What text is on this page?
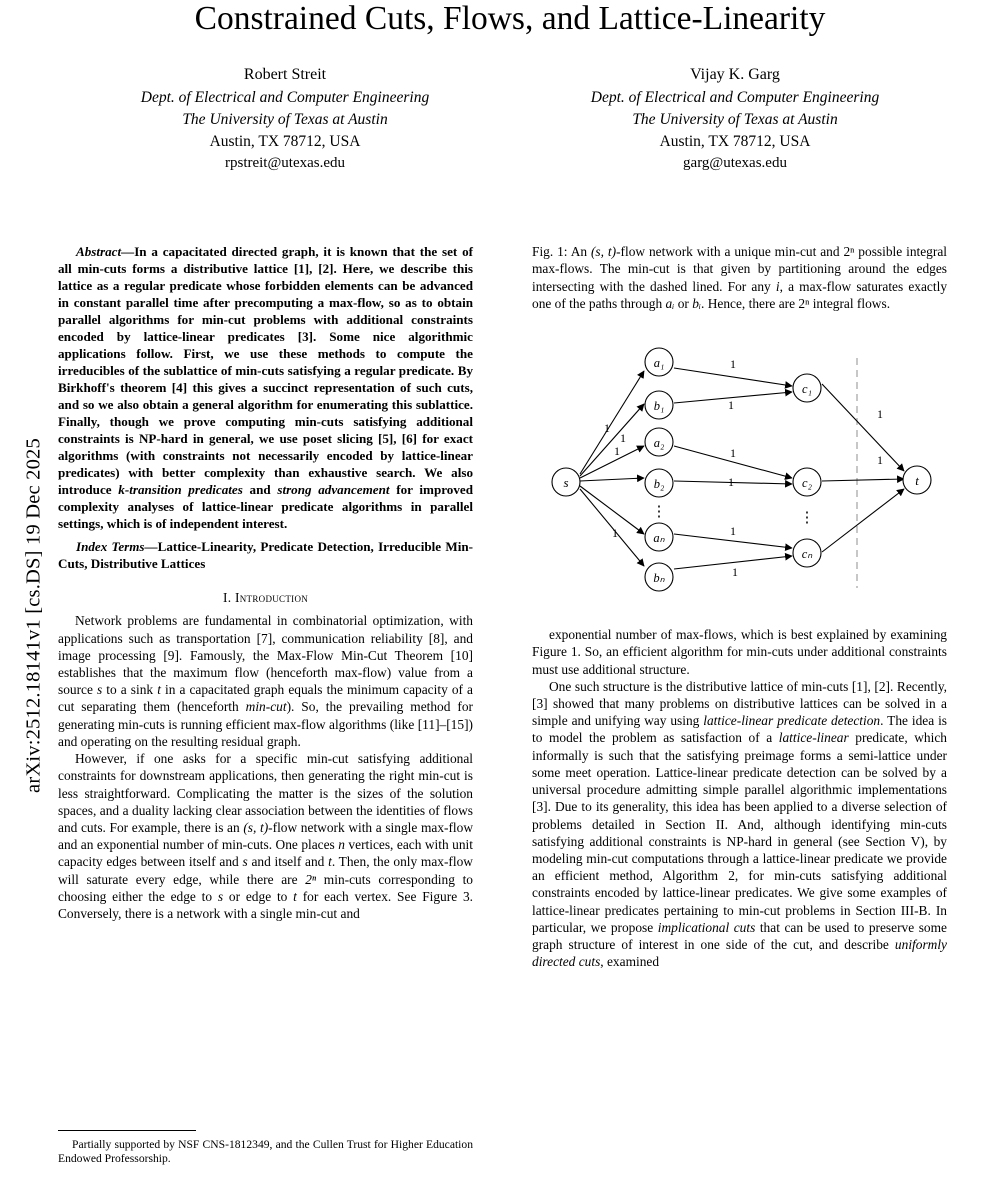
arXiv:2512.18141v1 [cs.DS] 19 Dec 2025
Constrained Cuts, Flows, and Lattice-Linearity
Robert Streit
Dept. of Electrical and Computer Engineering
The University of Texas at Austin
Austin, TX 78712, USA
rpstreit@utexas.edu
Vijay K. Garg
Dept. of Electrical and Computer Engineering
The University of Texas at Austin
Austin, TX 78712, USA
garg@utexas.edu
Abstract—In a capacitated directed graph, it is known that the set of all min-cuts forms a distributive lattice [1], [2]. Here, we describe this lattice as a regular predicate whose forbidden elements can be advanced in constant parallel time after precomputing a max-flow, so as to obtain parallel algorithms for min-cut problems with additional constraints encoded by lattice-linear predicates [3]. Some nice algorithmic applications follow. First, we use these methods to compute the irreducibles of the sublattice of min-cuts satisfying a regular predicate. By Birkhoff's theorem [4] this gives a succinct representation of such cuts, and so we also obtain a general algorithm for enumerating this sublattice. Finally, though we prove computing min-cuts satisfying additional constraints is NP-hard in general, we use poset slicing [5], [6] for exact algorithms (with constraints not necessarily encoded by lattice-linear predicates) with better complexity than exhaustive search. We also introduce k-transition predicates and strong advancement for improved complexity analyses of lattice-linear predicate algorithms in parallel settings, which is of independent interest.
Index Terms—Lattice-Linearity, Predicate Detection, Irreducible Min-Cuts, Distributive Lattices
I. Introduction

Network problems are fundamental in combinatorial optimization, with applications such as transportation [7], communication reliability [8], and image processing [9]. Famously, the Max-Flow Min-Cut Theorem [10] establishes that the maximum flow (henceforth max-flow) value from a source s to a sink t in a capacitated graph equals the minimum capacity of a cut separating them (henceforth min-cut). So, the prevailing method for generating min-cuts is running efficient max-flow algorithms (like [11]–[15]) and operating on the resulting residual graph.

However, if one asks for a specific min-cut satisfying additional constraints for downstream applications, then generating the right min-cut is less straightforward. Complicating the matter is the sizes of the solution spaces, and a duality lacking clear association between the identities of flows and cuts. For example, there is an (s, t)-flow network with a single max-flow and an exponential number of min-cuts. One places n vertices, each with unit capacity edges between itself and s and itself and t. Then, the only max-flow will saturate every edge, while there are 2ⁿ min-cuts corresponding to choosing either the edge to s or edge to t for each vertex. See Figure 3. Conversely, there is a network with a single min-cut and

Partially supported by NSF CNS-1812349, and the Cullen Trust for Higher Education Endowed Professorship.
Fig. 1: An (s, t)-flow network with a unique min-cut and 2ⁿ possible integral max-flows. The min-cut is that given by partitioning around the edges intersecting with the dashed lined. For any i, a max-flow saturates exactly one of the paths through aᵢ or bᵢ. Hence, there are 2ⁿ integral flows.
s	t
a₁
b₁
a₂
b₂
aₙ
bₙ
c₁
c₂
cₙ
⋮	⋮
1
1
1
1
1
1
1
1
1
1
1
1

exponential number of max-flows, which is best explained by examining Figure 1. So, an efficient algorithm for min-cuts under additional constraints must use additional structure.

One such structure is the distributive lattice of min-cuts [1], [2]. Recently, [3] showed that many problems on distributive lattices can be solved in a simple and unifying way using lattice-linear predicate detection. The idea is to model the problem as satisfaction of a lattice-linear predicate, which informally is such that the satisfying preimage forms a semi-lattice under some meet operation. Lattice-linear predicate detection can be solved by a universal procedure admitting simple parallel algorithmic implementations [3]. Due to its generality, this idea has been applied to a diverse selection of problems detailed in Section II. And, although identifying min-cuts satisfying additional constraints is NP-hard in general (see Section V), by modeling min-cut computations through a lattice-linear predicate we provide an efficient method, Algorithm 2, for min-cuts satisfying additional constraints encoded by lattice-linear predicates. We give some examples of lattice-linear predicates pertaining to min-cut problems in Section III-B. In particular, we propose implicational cuts that can be used to preserve some graph structure of interest in one side of the cut, and describe uniformly directed cuts, examined
